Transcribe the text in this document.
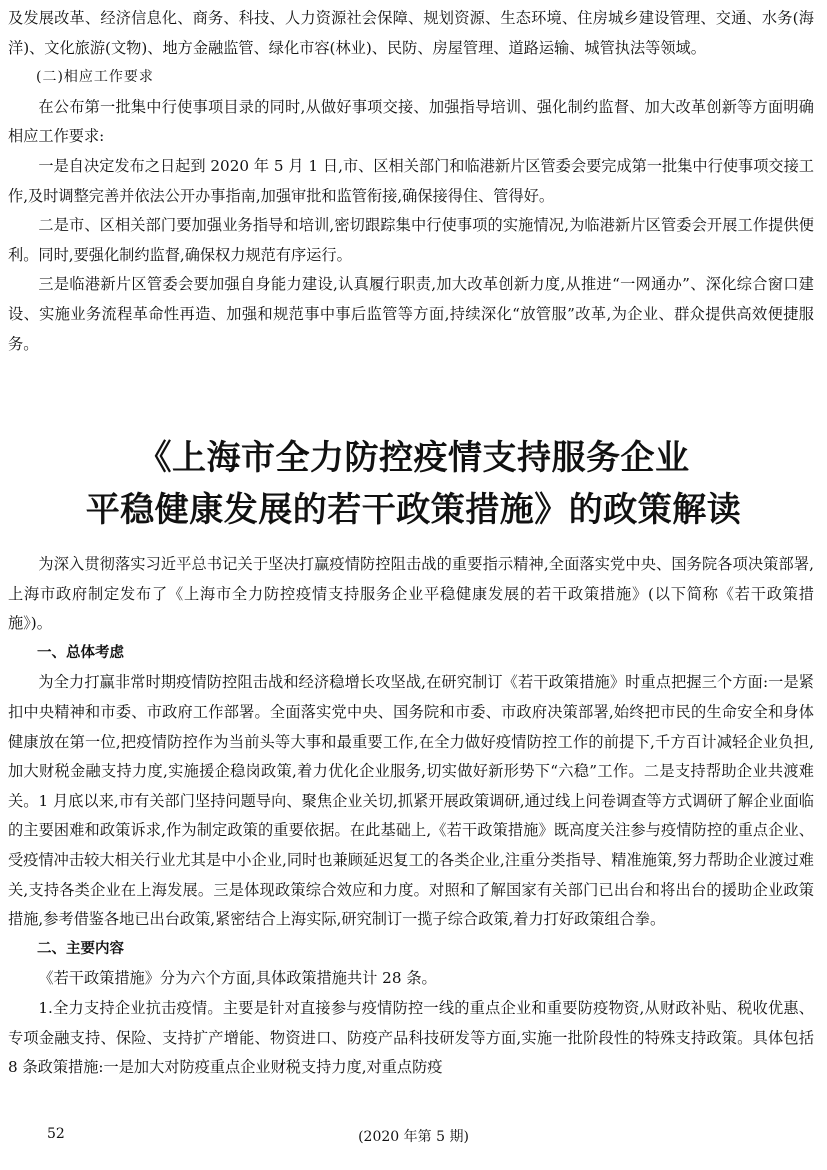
及发展改革、经济信息化、商务、科技、人力资源社会保障、规划资源、生态环境、住房城乡建设管理、交通、水务(海洋)、文化旅游(文物)、地方金融监管、绿化市容(林业)、民防、房屋管理、道路运输、城管执法等领域。

(二)相应工作要求

在公布第一批集中行使事项目录的同时,从做好事项交接、加强指导培训、强化制约监督、加大改革创新等方面明确相应工作要求:

一是自决定发布之日起到 2020 年 5 月 1 日,市、区相关部门和临港新片区管委会要完成第一批集中行使事项交接工作,及时调整完善并依法公开办事指南,加强审批和监管衔接,确保接得住、管得好。

二是市、区相关部门要加强业务指导和培训,密切跟踪集中行使事项的实施情况,为临港新片区管委会开展工作提供便利。同时,要强化制约监督,确保权力规范有序运行。

三是临港新片区管委会要加强自身能力建设,认真履行职责,加大改革创新力度,从推进“一网通办”、深化综合窗口建设、实施业务流程革命性再造、加强和规范事中事后监管等方面,持续深化“放管服”改革,为企业、群众提供高效便捷服务。

《上海市全力防控疫情支持服务企业
平稳健康发展的若干政策措施》的政策解读

为深入贯彻落实习近平总书记关于坚决打赢疫情防控阻击战的重要指示精神,全面落实党中央、国务院各项决策部署,上海市政府制定发布了《上海市全力防控疫情支持服务企业平稳健康发展的若干政策措施》(以下简称《若干政策措施》)。

一、总体考虑

为全力打赢非常时期疫情防控阻击战和经济稳增长攻坚战,在研究制订《若干政策措施》时重点把握三个方面:一是紧扣中央精神和市委、市政府工作部署。全面落实党中央、国务院和市委、市政府决策部署,始终把市民的生命安全和身体健康放在第一位,把疫情防控作为当前头等大事和最重要工作,在全力做好疫情防控工作的前提下,千方百计减轻企业负担,加大财税金融支持力度,实施援企稳岗政策,着力优化企业服务,切实做好新形势下“六稳”工作。二是支持帮助企业共渡难关。1 月底以来,市有关部门坚持问题导向、聚焦企业关切,抓紧开展政策调研,通过线上问卷调查等方式调研了解企业面临的主要困难和政策诉求,作为制定政策的重要依据。在此基础上,《若干政策措施》既高度关注参与疫情防控的重点企业、受疫情冲击较大相关行业尤其是中小企业,同时也兼顾延迟复工的各类企业,注重分类指导、精准施策,努力帮助企业渡过难关,支持各类企业在上海发展。三是体现政策综合效应和力度。对照和了解国家有关部门已出台和将出台的援助企业政策措施,参考借鉴各地已出台政策,紧密结合上海实际,研究制订一揽子综合政策,着力打好政策组合拳。

二、主要内容

《若干政策措施》分为六个方面,具体政策措施共计 28 条。

1.全力支持企业抗击疫情。主要是针对直接参与疫情防控一线的重点企业和重要防疫物资,从财政补贴、税收优惠、专项金融支持、保险、支持扩产增能、物资进口、防疫产品科技研发等方面,实施一批阶段性的特殊支持政策。具体包括 8 条政策措施:一是加大对防疫重点企业财税支持力度,对重点防疫

52	(2020 年第 5 期)
